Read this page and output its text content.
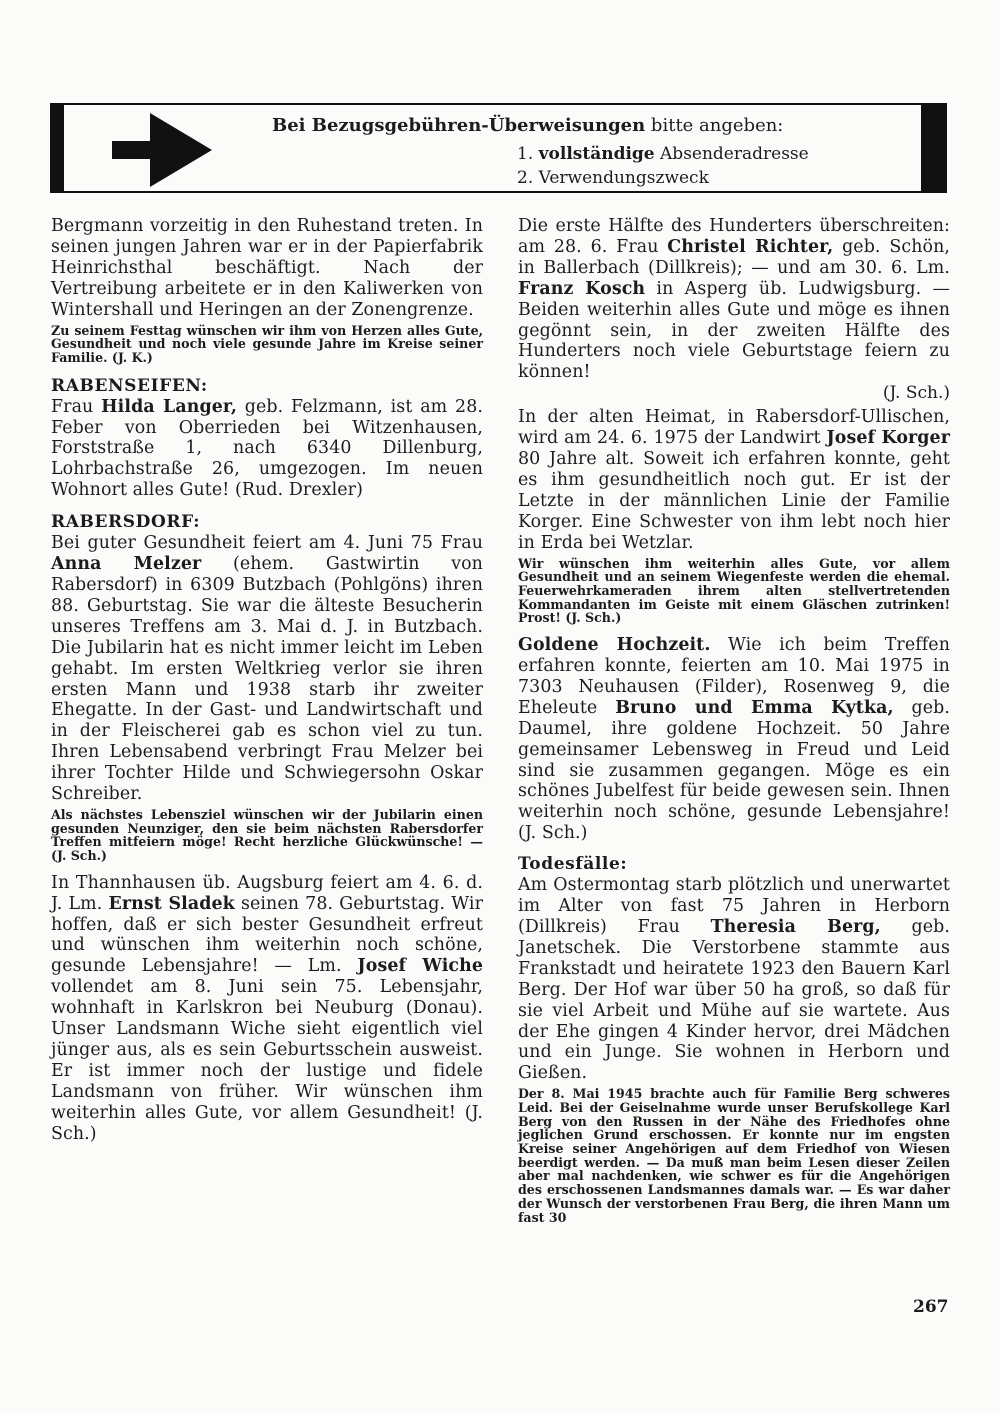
Bei Bezugsgebühren-Überweisungen bitte angeben:
1. vollständige Absenderadresse
2. Verwendungszweck

Bergmann vorzeitig in den Ruhestand treten. In seinen jungen Jahren war er in der Papierfabrik Heinrichsthal beschäftigt. Nach der Vertreibung arbeitete er in den Kaliwerken von Wintershall und Heringen an der Zonengrenze.

Zu seinem Festtag wünschen wir ihm von Herzen alles Gute, Gesundheit und noch viele gesunde Jahre im Kreise seiner Familie. (J. K.)

RABENSEIFEN:

Frau Hilda Langer, geb. Felzmann, ist am 28. Feber von Oberrieden bei Witzenhausen, Forststraße 1, nach 6340 Dillenburg, Lohrbachstraße 26, umgezogen. Im neuen Wohnort alles Gute! (Rud. Drexler)

RABERSDORF:

Bei guter Gesundheit feiert am 4. Juni 75 Frau Anna Melzer (ehem. Gastwirtin von Rabersdorf) in 6309 Butzbach (Pohlgöns) ihren 88. Geburtstag. Sie war die älteste Besucherin unseres Treffens am 3. Mai d. J. in Butzbach. Die Jubilarin hat es nicht immer leicht im Leben gehabt. Im ersten Weltkrieg verlor sie ihren ersten Mann und 1938 starb ihr zweiter Ehegatte. In der Gast- und Landwirtschaft und in der Fleischerei gab es schon viel zu tun. Ihren Lebensabend verbringt Frau Melzer bei ihrer Tochter Hilde und Schwiegersohn Oskar Schreiber.

Als nächstes Lebensziel wünschen wir der Jubilarin einen gesunden Neunziger, den sie beim nächsten Rabersdorfer Treffen mitfeiern möge! Recht herzliche Glückwünsche! — (J. Sch.)

In Thannhausen üb. Augsburg feiert am 4. 6. d. J. Lm. Ernst Sladek seinen 78. Geburtstag. Wir hoffen, daß er sich bester Gesundheit erfreut und wünschen ihm weiterhin noch schöne, gesunde Lebensjahre! — Lm. Josef Wiche vollendet am 8. Juni sein 75. Lebensjahr, wohnhaft in Karlskron bei Neuburg (Donau). Unser Landsmann Wiche sieht eigentlich viel jünger aus, als es sein Geburtsschein ausweist. Er ist immer noch der lustige und fidele Landsmann von früher. Wir wünschen ihm weiterhin alles Gute, vor allem Gesundheit! (J. Sch.)

Die erste Hälfte des Hunderters überschreiten: am 28. 6. Frau Christel Richter, geb. Schön, in Ballerbach (Dillkreis); — und am 30. 6. Lm. Franz Kosch in Asperg üb. Ludwigsburg. — Beiden weiterhin alles Gute und möge es ihnen gegönnt sein, in der zweiten Hälfte des Hunderters noch viele Geburtstage feiern zu können!

(J. Sch.)

In der alten Heimat, in Rabersdorf-Ullischen, wird am 24. 6. 1975 der Landwirt Josef Korger 80 Jahre alt. Soweit ich erfahren konnte, geht es ihm gesundheitlich noch gut. Er ist der Letzte in der männlichen Linie der Familie Korger. Eine Schwester von ihm lebt noch hier in Erda bei Wetzlar.

Wir wünschen ihm weiterhin alles Gute, vor allem Gesundheit und an seinem Wiegenfeste werden die ehemal. Feuerwehrkameraden ihrem alten stellvertretenden Kommandanten im Geiste mit einem Gläschen zutrinken! Prost! (J. Sch.)

Goldene Hochzeit. Wie ich beim Treffen erfahren konnte, feierten am 10. Mai 1975 in 7303 Neuhausen (Filder), Rosenweg 9, die Eheleute Bruno und Emma Kytka, geb. Daumel, ihre goldene Hochzeit. 50 Jahre gemeinsamer Lebensweg in Freud und Leid sind sie zusammen gegangen. Möge es ein schönes Jubelfest für beide gewesen sein. Ihnen weiterhin noch schöne, gesunde Lebensjahre! (J. Sch.)

Todesfälle:

Am Ostermontag starb plötzlich und unerwartet im Alter von fast 75 Jahren in Herborn (Dillkreis) Frau Theresia Berg, geb. Janetschek. Die Verstorbene stammte aus Frankstadt und heiratete 1923 den Bauern Karl Berg. Der Hof war über 50 ha groß, so daß für sie viel Arbeit und Mühe auf sie wartete. Aus der Ehe gingen 4 Kinder hervor, drei Mädchen und ein Junge. Sie wohnen in Herborn und Gießen.

Der 8. Mai 1945 brachte auch für Familie Berg schweres Leid. Bei der Geiselnahme wurde unser Berufskollege Karl Berg von den Russen in der Nähe des Friedhofes ohne jeglichen Grund erschossen. Er konnte nur im engsten Kreise seiner Angehörigen auf dem Friedhof von Wiesen beerdigt werden. — Da muß man beim Lesen dieser Zeilen aber mal nachdenken, wie schwer es für die Angehörigen des erschossenen Landsmannes damals war. — Es war daher der Wunsch der verstorbenen Frau Berg, die ihren Mann um fast 30

267
